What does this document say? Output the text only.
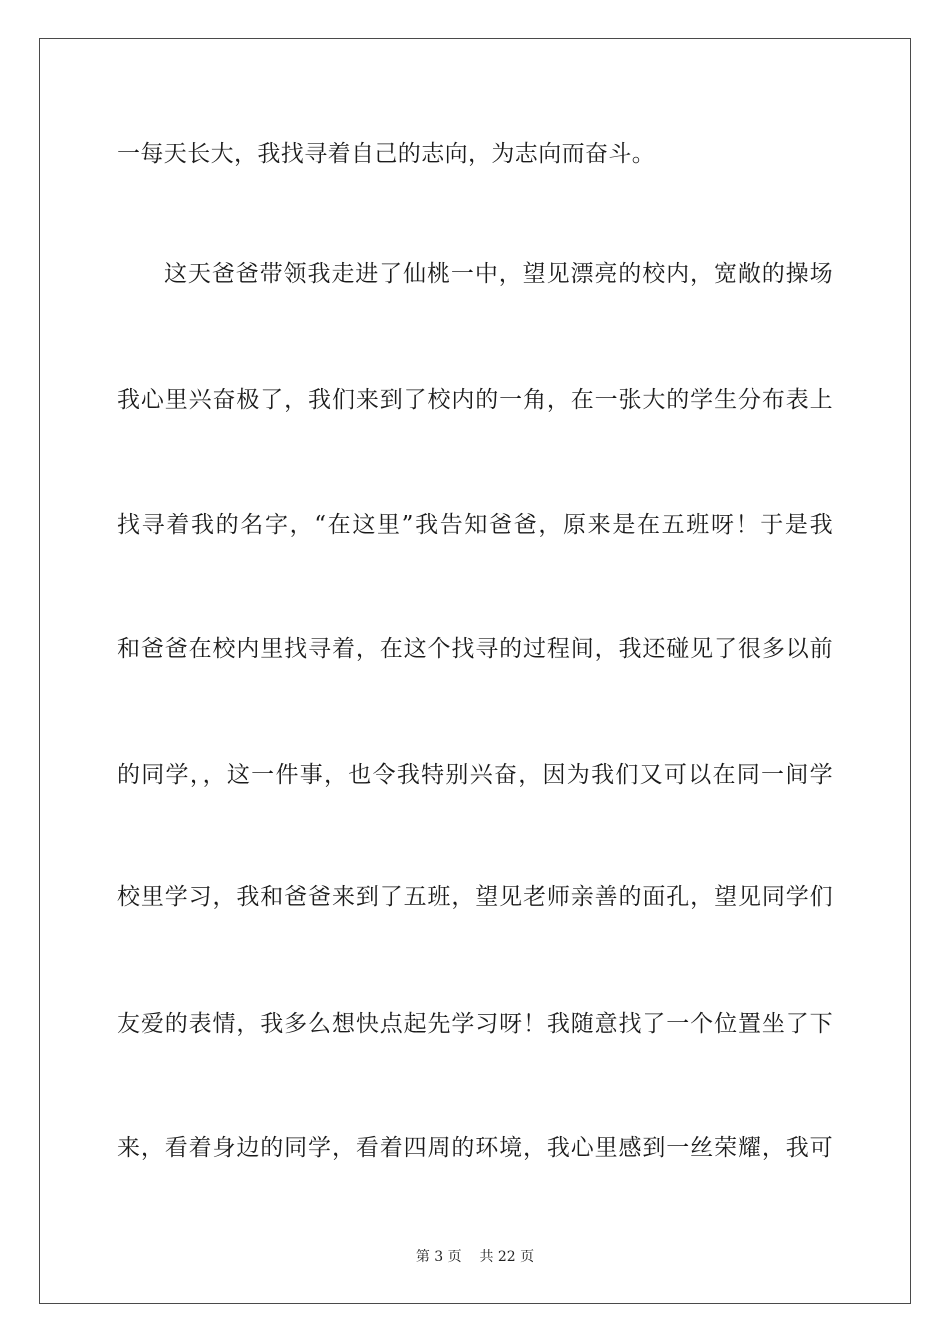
一每天长大，我找寻着自己的志向，为志向而奋斗。
这天爸爸带领我走进了仙桃一中，望见漂亮的校内，宽敞的操场
我心里兴奋极了，我们来到了校内的一角，在一张大的学生分布表上
找寻着我的名字，“在这里”我告知爸爸，原来是在五班呀！于是我
和爸爸在校内里找寻着，在这个找寻的过程间，我还碰见了很多以前
的同学，，这一件事，也令我特别兴奋，因为我们又可以在同一间学
校里学习，我和爸爸来到了五班，望见老师亲善的面孔，望见同学们
友爱的表情，我多么想快点起先学习呀！我随意找了一个位置坐了下
来，看着身边的同学，看着四周的环境，我心里感到一丝荣耀，我可
第 3 页 共 22 页
